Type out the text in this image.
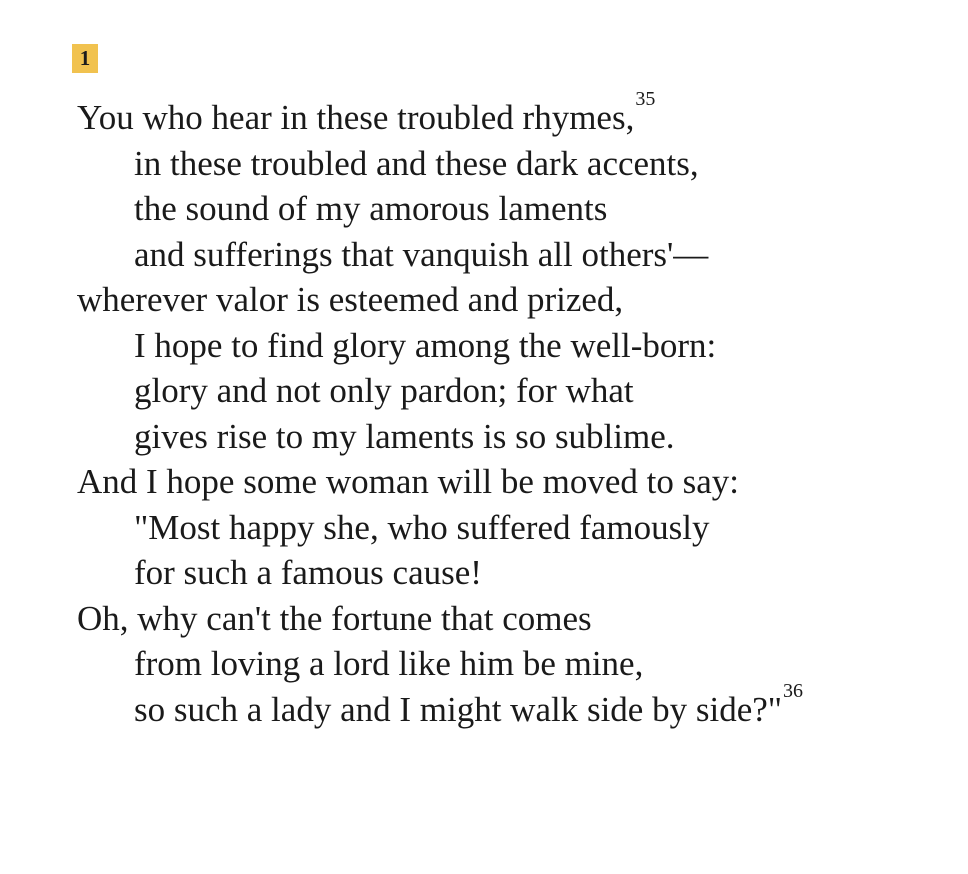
1
You who hear in these troubled rhymes,$^{35}$
in these troubled and these dark accents,
the sound of my amorous laments
and sufferings that vanquish all others'—
wherever valor is esteemed and prized,
I hope to find glory among the well-born:
glory and not only pardon; for what
gives rise to my laments is so sublime.
And I hope some woman will be moved to say:
"Most happy she, who suffered famously
for such a famous cause!
Oh, why can't the fortune that comes
from loving a lord like him be mine,
so such a lady and I might walk side by side?"$^{36}$
